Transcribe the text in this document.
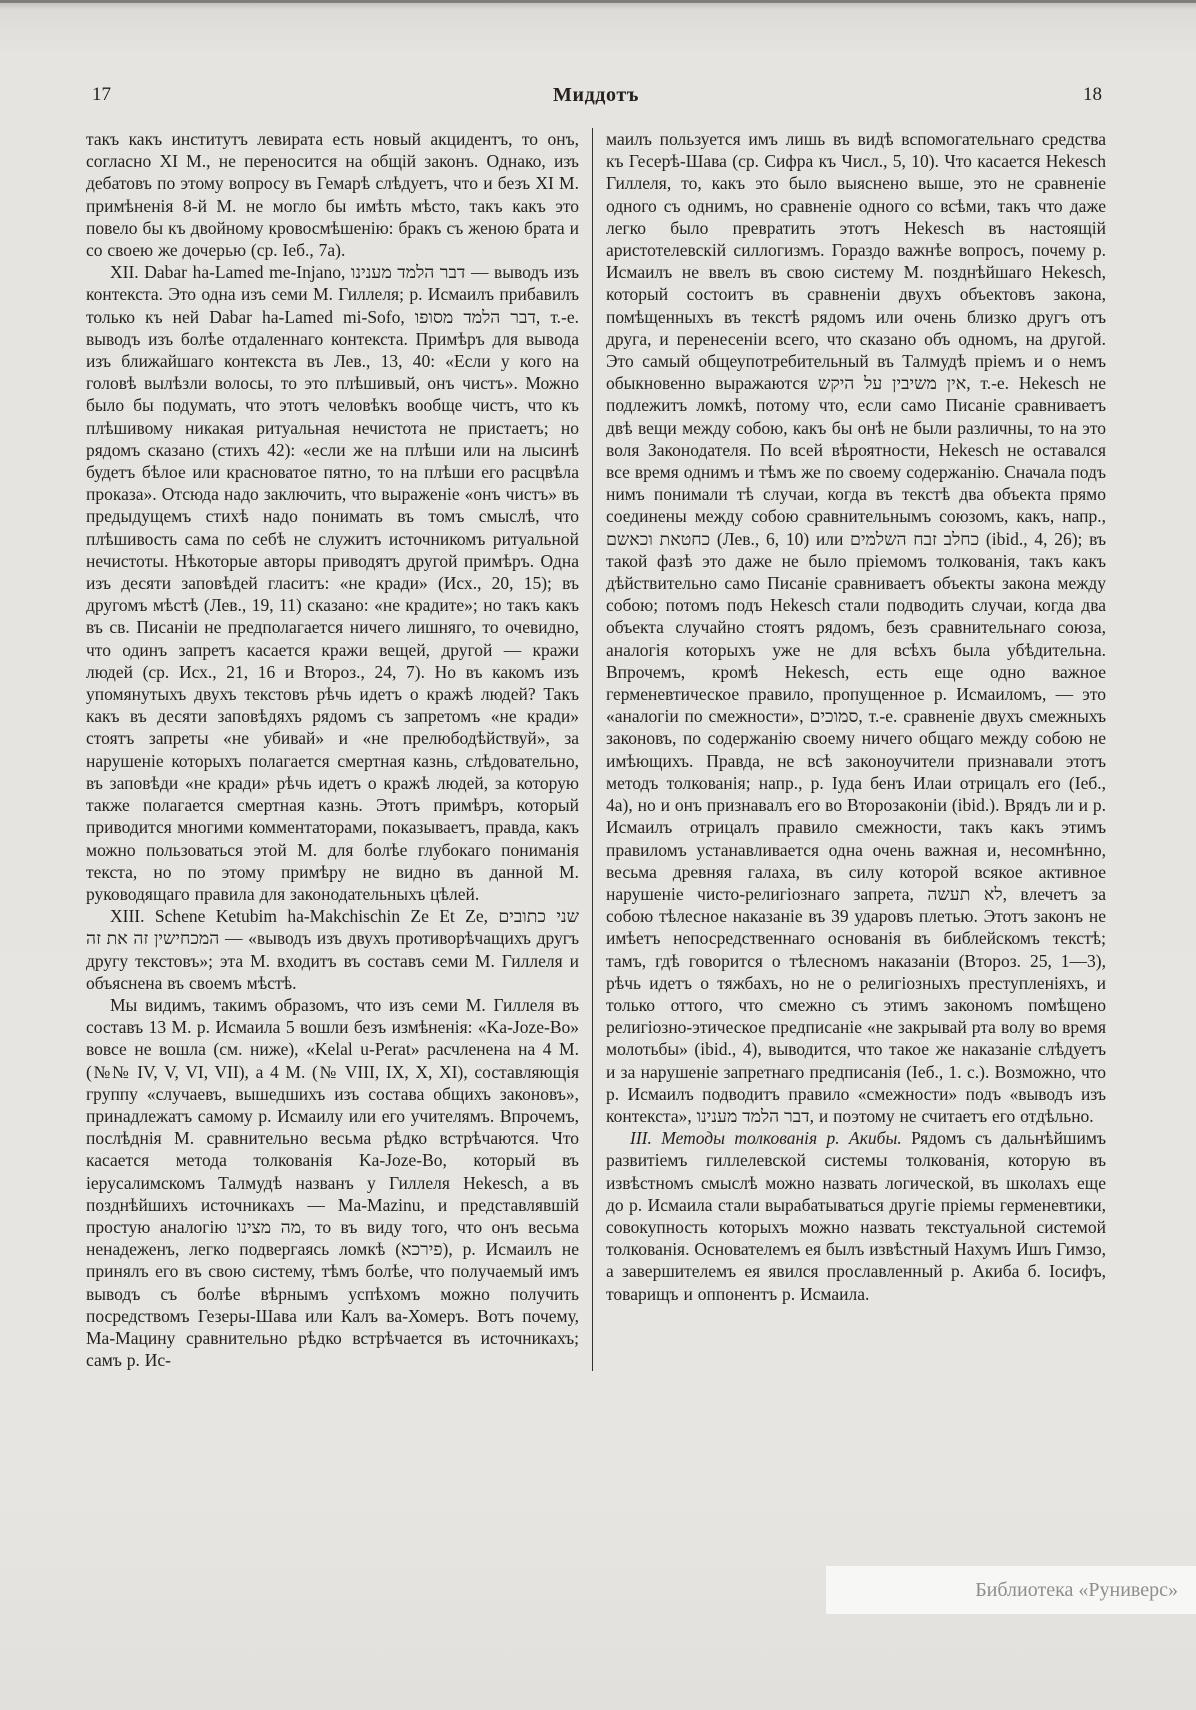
17	Миддотъ	18

такъ какъ институтъ левирата есть новый акцидентъ, то онъ, согласно XI М., не переносится на общій законъ. Однако, изъ дебатовъ по этому вопросу въ Гемарѣ слѣдуетъ, что и безъ XI М. примѣненія 8-й М. не могло бы имѣть мѣсто, такъ какъ это повело бы къ двойному кровосмѣшенію: бракъ съ женою брата и со своею же дочерью (ср. Іеб., 7а).

XII. Dabar ha-Lamed me-Injano, דבר הלמד מענינו — выводъ изъ контекста. Это одна изъ семи М. Гиллеля; р. Исмаилъ прибавилъ только къ ней Dabar ha-Lamed mi-Sofo, דבר הלמד מסופו, т.-е. выводъ изъ болѣе отдаленнаго контекста. Примѣръ для вывода изъ ближайшаго контекста въ Лев., 13, 40: «Если у кого на головѣ вылѣзли волосы, то это плѣшивый, онъ чистъ». Можно было бы подумать, что этотъ человѣкъ вообще чистъ, что къ плѣшивому никакая ритуальная нечистота не пристаетъ; но рядомъ сказано (стихъ 42): «если же на плѣши или на лысинѣ будетъ бѣлое или красноватое пятно, то на плѣши его расцвѣла проказа». Отсюда надо заключить, что выраженіе «онъ чистъ» въ предыдущемъ стихѣ надо понимать въ томъ смыслѣ, что плѣшивость сама по себѣ не служитъ источникомъ ритуальной нечистоты. Нѣкоторые авторы приводятъ другой примѣръ. Одна изъ десяти заповѣдей гласитъ: «не кради» (Исх., 20, 15); въ другомъ мѣстѣ (Лев., 19, 11) сказано: «не крадите»; но такъ какъ въ св. Писаніи не предполагается ничего лишняго, то очевидно, что одинъ запретъ касается кражи вещей, другой — кражи людей (ср. Исх., 21, 16 и Второз., 24, 7). Но въ какомъ изъ упомянутыхъ двухъ текстовъ рѣчь идетъ о кражѣ людей? Такъ какъ въ десяти заповѣдяхъ рядомъ съ запретомъ «не кради» стоятъ запреты «не убивай» и «не прелюбодѣйствуй», за нарушеніе которыхъ полагается смертная казнь, слѣдовательно, въ заповѣди «не кради» рѣчь идетъ о кражѣ людей, за которую также полагается смертная казнь. Этотъ примѣръ, который приводится многими комментаторами, показываетъ, правда, какъ можно пользоваться этой М. для болѣе глубокаго пониманія текста, но по этому примѣру не видно въ данной М. руководящаго правила для законодательныхъ цѣлей.

XIII. Schene Ketubim ha-Makchischin Ze Et Ze, שני כתובים המכחישין זה את זה — «выводъ изъ двухъ противорѣчащихъ другъ другу текстовъ»; эта М. входитъ въ составъ семи М. Гиллеля и объяснена въ своемъ мѣстѣ.

Мы видимъ, такимъ образомъ, что изъ семи М. Гиллеля въ составъ 13 М. р. Исмаила 5 вошли безъ измѣненія: «Ka-Joze-Bo» вовсе не вошла (см. ниже), «Kelal u-Perat» расчленена на 4 М. (№№ IV, V, VI, VII), а 4 М. (№ VIII, IX, X, XI), составляющія группу «случаевъ, вышедшихъ изъ состава общихъ законовъ», принадлежатъ самому р. Исмаилу или его учителямъ. Впрочемъ, послѣднія М. сравнительно весьма рѣдко встрѣчаются. Что касается метода толкованія Ka-Joze-Bo, который въ іерусалимскомъ Талмудѣ названъ у Гиллеля Hekesch, а въ позднѣйшихъ источникахъ — Ma-Mazinu, и представлявшій простую аналогію מה מצינו, то въ виду того, что онъ весьма ненадеженъ, легко подвергаясь ломкѣ (פירכא), р. Исмаилъ не принялъ его въ свою систему, тѣмъ болѣе, что получаемый имъ выводъ съ болѣе вѣрнымъ успѣхомъ можно получить посредствомъ Гезеры-Шава или Калъ ва-Хомеръ. Вотъ почему, Ма-Мацину сравнительно рѣдко встрѣчается въ источникахъ; самъ р. Ис-

маилъ пользуется имъ лишь въ видѣ вспомогательнаго средства къ Гесерѣ-Шава (ср. Сифра къ Числ., 5, 10). Что касается Hekesch Гиллеля, то, какъ это было выяснено выше, это не сравненіе одного съ однимъ, но сравненіе одного со всѣми, такъ что даже легко было превратить этотъ Hekesch въ настоящій аристотелевскій силлогизмъ. Гораздо важнѣе вопросъ, почему р. Исмаилъ не ввелъ въ свою систему М. позднѣйшаго Hekesch, который состоитъ въ сравненіи двухъ объектовъ закона, помѣщенныхъ въ текстѣ рядомъ или очень близко другъ отъ друга, и перенесеніи всего, что сказано объ одномъ, на другой. Это самый общеупотребительный въ Талмудѣ пріемъ и о немъ обыкновенно выражаются אין משיבין על היקש, т.-е. Hekesch не подлежитъ ломкѣ, потому что, если само Писаніе сравниваетъ двѣ вещи между собою, какъ бы онѣ не были различны, то на это воля Законодателя. По всей вѣроятности, Hekesch не оставался все время однимъ и тѣмъ же по своему содержанію. Сначала подъ нимъ понимали тѣ случаи, когда въ текстѣ два объекта прямо соединены между собою сравнительнымъ союзомъ, какъ, напр., כחטאת וכאשם (Лев., 6, 10) или כחלב זבח השלמים (ibid., 4, 26); въ такой фазѣ это даже не было пріемомъ толкованія, такъ какъ дѣйствительно само Писаніе сравниваетъ объекты закона между собою; потомъ подъ Hekesch стали подводить случаи, когда два объекта случайно стоятъ рядомъ, безъ сравнительнаго союза, аналогія которыхъ уже не для всѣхъ была убѣдительна. Впрочемъ, кромѣ Hekesch, есть еще одно важное герменевтическое правило, пропущенное р. Исмаиломъ, — это «аналогіи по смежности», סמוכים, т.-е. сравненіе двухъ смежныхъ законовъ, по содержанію своему ничего общаго между собою не имѣющихъ. Правда, не всѣ законоучители признавали этотъ методъ толкованія; напр., р. Іуда бенъ Илаи отрицалъ его (Іеб., 4а), но и онъ признавалъ его во Второзаконіи (ibid.). Врядъ ли и р. Исмаилъ отрицалъ правило смежности, такъ какъ этимъ правиломъ устанавливается одна очень важная и, несомнѣнно, весьма древняя галаха, въ силу которой всякое активное нарушеніе чисто-религіознаго запрета, לא תעשה, влечетъ за собою тѣлесное наказаніе въ 39 ударовъ плетью. Этотъ законъ не имѣетъ непосредственнаго основанія въ библейскомъ текстѣ; тамъ, гдѣ говорится о тѣлесномъ наказаніи (Второз. 25, 1—3), рѣчь идетъ о тяжбахъ, но не о религіозныхъ преступленіяхъ, и только оттого, что смежно съ этимъ закономъ помѣщено религіозно-этическое предписаніе «не закрывай рта волу во время молотьбы» (ibid., 4), выводится, что такое же наказаніе слѣдуетъ и за нарушеніе запретнаго предписанія (Іеб., 1. с.). Возможно, что р. Исмаилъ подводитъ правило «смежности» подъ «выводъ изъ контекста», דבר הלמד מענינו, и поэтому не считаетъ его отдѣльно.

III. Методы толкованія р. Акибы. Рядомъ съ дальнѣйшимъ развитіемъ гиллелевской системы толкованія, которую въ извѣстномъ смыслѣ можно назвать логической, въ школахъ еще до р. Исмаила стали вырабатываться другіе пріемы герменевтики, совокупность которыхъ можно назвать текстуальной системой толкованія. Основателемъ ея былъ извѣстный Нахумъ Ишъ Гимзо, а завершителемъ ея явился прославленный р. Акиба б. Іосифъ, товарищъ и оппонентъ р. Исмаила.

Библиотека «Руниверс»
